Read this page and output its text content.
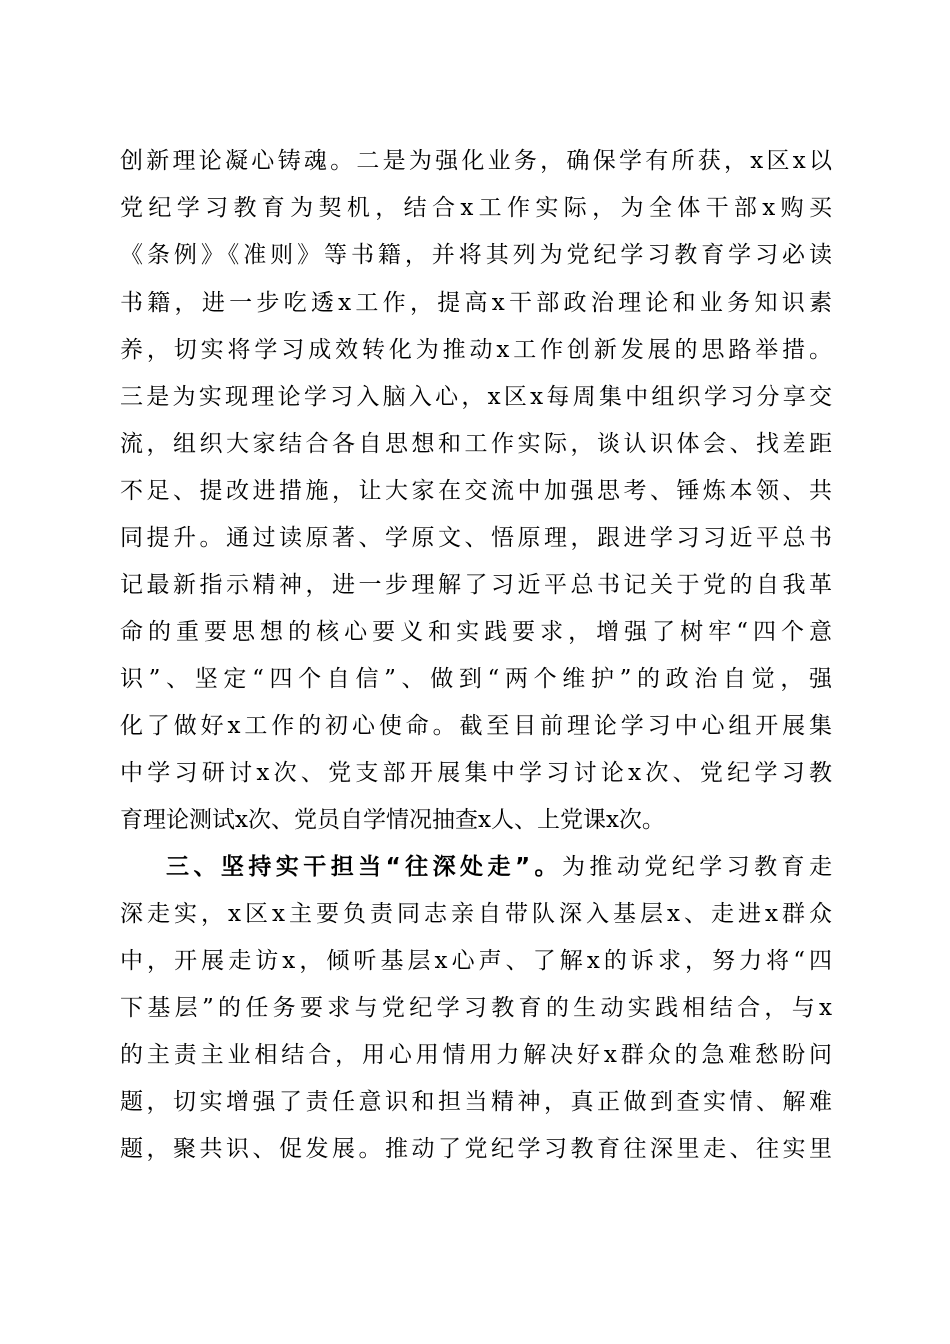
创新理论凝心铸魂。二是为强化业务，确保学有所获，x区x以
党纪学习教育为契机，结合x工作实际，为全体干部x购买
《条例》《准则》等书籍，并将其列为党纪学习教育学习必读
书籍，进一步吃透x工作，提高x干部政治理论和业务知识素
养，切实将学习成效转化为推动x工作创新发展的思路举措。
三是为实现理论学习入脑入心，x区x每周集中组织学习分享交
流，组织大家结合各自思想和工作实际，谈认识体会、找差距
不足、提改进措施，让大家在交流中加强思考、锤炼本领、共
同提升。通过读原著、学原文、悟原理，跟进学习习近平总书
记最新指示精神，进一步理解了习近平总书记关于党的自我革
命的重要思想的核心要义和实践要求，增强了树牢“四个意
识”、坚定“四个自信”、做到“两个维护”的政治自觉，强
化了做好x工作的初心使命。截至目前理论学习中心组开展集
中学习研讨x次、党支部开展集中学习讨论x次、党纪学习教
育理论测试x次、党员自学情况抽查x人、上党课x次。
三、坚持实干担当“往深处走”。为推动党纪学习教育走
深走实，x区x主要负责同志亲自带队深入基层x、走进x群众
中，开展走访x，倾听基层x心声、了解x的诉求，努力将“四
下基层”的任务要求与党纪学习教育的生动实践相结合，与x
的主责主业相结合，用心用情用力解决好x群众的急难愁盼问
题，切实增强了责任意识和担当精神，真正做到查实情、解难
题，聚共识、促发展。推动了党纪学习教育往深里走、往实里
